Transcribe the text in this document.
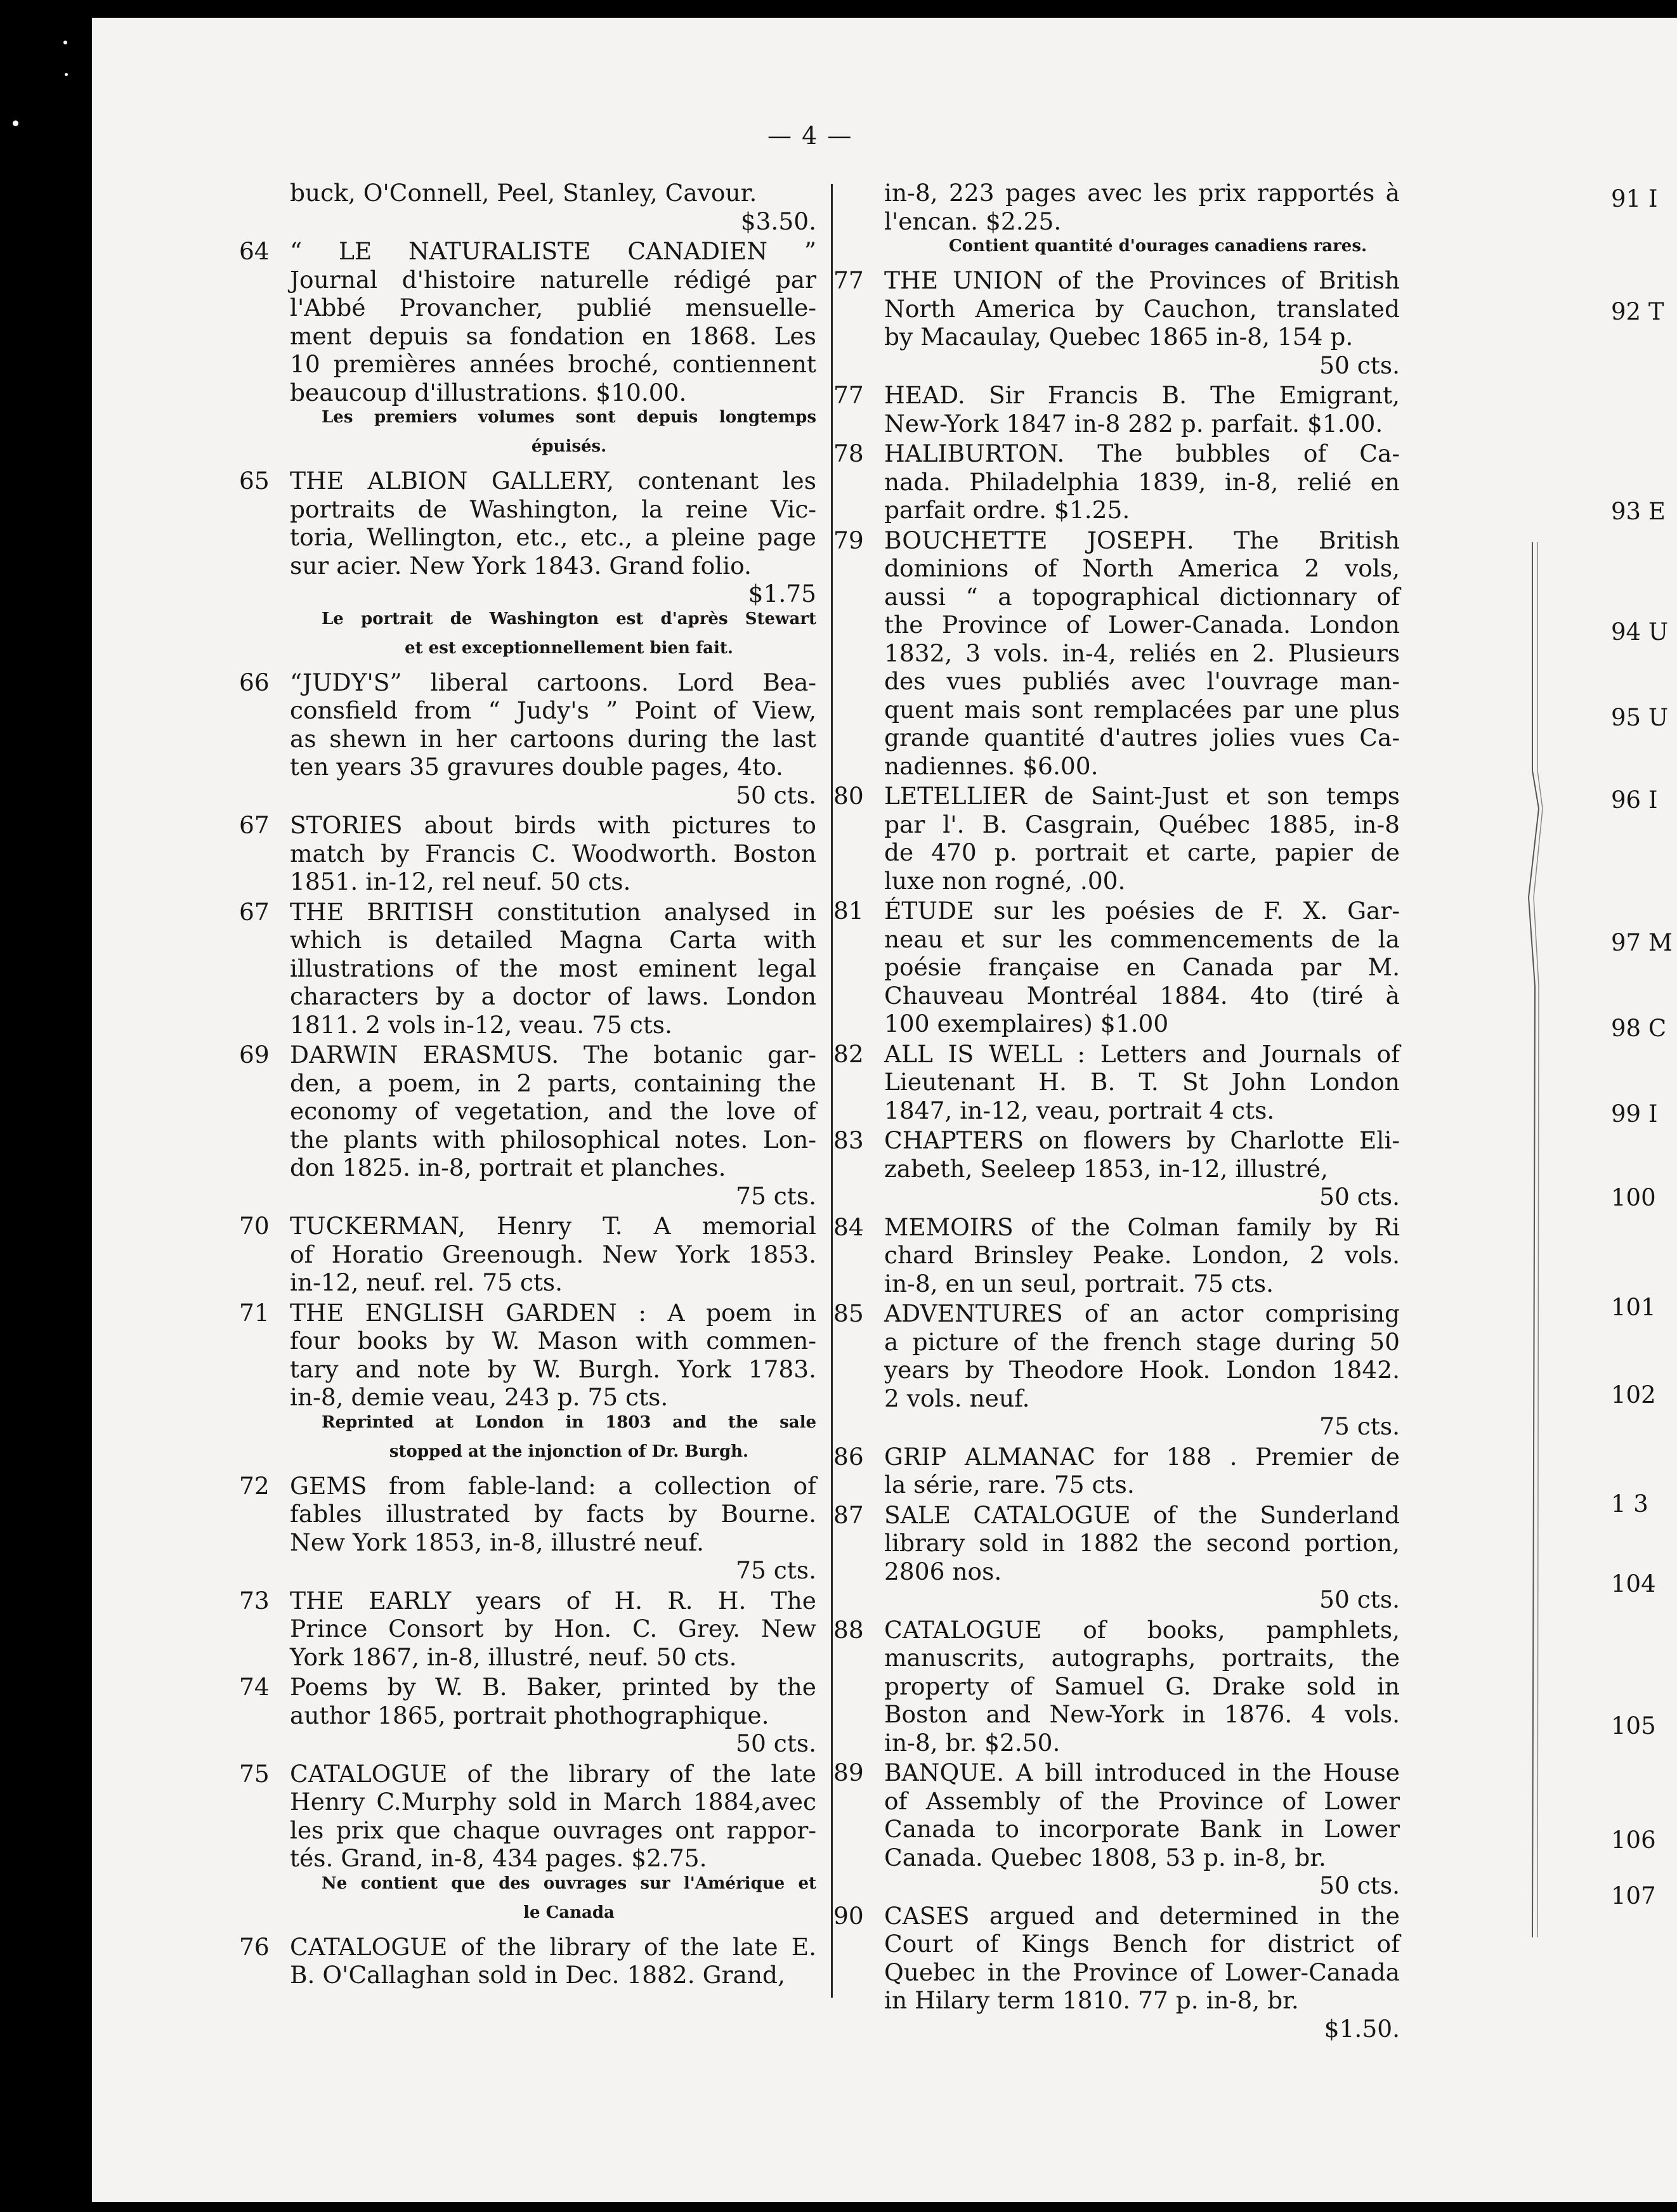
— 4 —
buck, O'Connell, Peel, Stanley, Cavour.
$3.50.
64 “ LE NATURALISTE CANADIEN ”
Journal d'histoire naturelle rédigé par
l'Abbé Provancher, publié mensuelle-
ment depuis sa fondation en 1868. Les
10 premières années broché, contiennent
beaucoup d'illustrations. $10.00.
Les premiers volumes sont depuis longtemps
épuisés.
65 THE ALBION GALLERY, contenant les
portraits de Washington, la reine Vic-
toria, Wellington, etc., etc., a pleine page
sur acier. New York 1843. Grand folio.
$1.75
Le portrait de Washington est d'après Stewart
et est exceptionnellement bien fait.
66 “JUDY'S” liberal cartoons. Lord Bea-
consfield from “ Judy's ” Point of View,
as shewn in her cartoons during the last
ten years 35 gravures double pages, 4to.
50 cts.
67 STORIES about birds with pictures to
match by Francis C. Woodworth. Boston
1851. in-12, rel neuf. 50 cts.
67 THE BRITISH constitution analysed in
which is detailed Magna Carta with
illustrations of the most eminent legal
characters by a doctor of laws. London
1811. 2 vols in-12, veau. 75 cts.
69 DARWIN ERASMUS. The botanic gar-
den, a poem, in 2 parts, containing the
economy of vegetation, and the love of
the plants with philosophical notes. Lon-
don 1825. in-8, portrait et planches.
75 cts.
70 TUCKERMAN, Henry T. A memorial
of Horatio Greenough. New York 1853.
in-12, neuf. rel. 75 cts.
71 THE ENGLISH GARDEN : A poem in
four books by W. Mason with commen-
tary and note by W. Burgh. York 1783.
in-8, demie veau, 243 p. 75 cts.
Reprinted at London in 1803 and the sale
stopped at the injonction of Dr. Burgh.
72 GEMS from fable-land: a collection of
fables illustrated by facts by Bourne.
New York 1853, in-8, illustré neuf.
75 cts.
73 THE EARLY years of H. R. H. The
Prince Consort by Hon. C. Grey. New
York 1867, in-8, illustré, neuf. 50 cts.
74 Poems by W. B. Baker, printed by the
author 1865, portrait phothographique.
50 cts.
75 CATALOGUE of the library of the late
Henry C.Murphy sold in March 1884,avec
les prix que chaque ouvrages ont rappor-
tés. Grand, in-8, 434 pages. $2.75.
Ne contient que des ouvrages sur l'Amérique et
le Canada
76 CATALOGUE of the library of the late E.
B. O'Callaghan sold in Dec. 1882. Grand,
in-8, 223 pages avec les prix rapportés à
l'encan. $2.25.
Contient quantité d'ourages canadiens rares.
77 THE UNION of the Provinces of British
North America by Cauchon, translated
by Macaulay, Quebec 1865 in-8, 154 p.
50 cts.
77 HEAD. Sir Francis B. The Emigrant,
New-York 1847 in-8 282 p. parfait. $1.00.
78 HALIBURTON. The bubbles of Ca-
nada. Philadelphia 1839, in-8, relié en
parfait ordre. $1.25.
79 BOUCHETTE JOSEPH. The British
dominions of North America 2 vols,
aussi “ a topographical dictionnary of
the Province of Lower-Canada. London
1832, 3 vols. in-4, reliés en 2. Plusieurs
des vues publiés avec l'ouvrage man-
quent mais sont remplacées par une plus
grande quantité d'autres jolies vues Ca-
nadiennes. $6.00.
80 LETELLIER de Saint-Just et son temps
par l'. B. Casgrain, Québec 1885, in-8
de 470 p. portrait et carte, papier de
luxe non rogné, .00.
81 ÉTUDE sur les poésies de F. X. Gar-
neau et sur les commencements de la
poésie française en Canada par M.
Chauveau Montréal 1884. 4to (tiré à
100 exemplaires) $1.00
82 ALL IS WELL : Letters and Journals of
Lieutenant H. B. T. St John London
1847, in-12, veau, portrait 4 cts.
83 CHAPTERS on flowers by Charlotte Eli-
zabeth, Seeleep 1853, in-12, illustré,
50 cts.
84 MEMOIRS of the Colman family by Ri
chard Brinsley Peake. London, 2 vols.
in-8, en un seul, portrait. 75 cts.
85 ADVENTURES of an actor comprising
a picture of the french stage during 50
years by Theodore Hook. London 1842.
2 vols. neuf.
75 cts.
86 GRIP ALMANAC for 188 . Premier de
la série, rare. 75 cts.
87 SALE CATALOGUE of the Sunderland
library sold in 1882 the second portion,
2806 nos.
50 cts.
88 CATALOGUE of books, pamphlets,
manuscrits, autographs, portraits, the
property of Samuel G. Drake sold in
Boston and New-York in 1876. 4 vols.
in-8, br. $2.50.
89 BANQUE. A bill introduced in the House
of Assembly of the Province of Lower
Canada to incorporate Bank in Lower
Canada. Quebec 1808, 53 p. in-8, br.
50 cts.
90 CASES argued and determined in the
Court of Kings Bench for district of
Quebec in the Province of Lower-Canada
in Hilary term 1810. 77 p. in-8, br.
$1.50.
91 I
92 T
93 E
94 U
95 U
96 I
97 M
98 C
99 I
100
101
102
1 3
104
105
106
107
